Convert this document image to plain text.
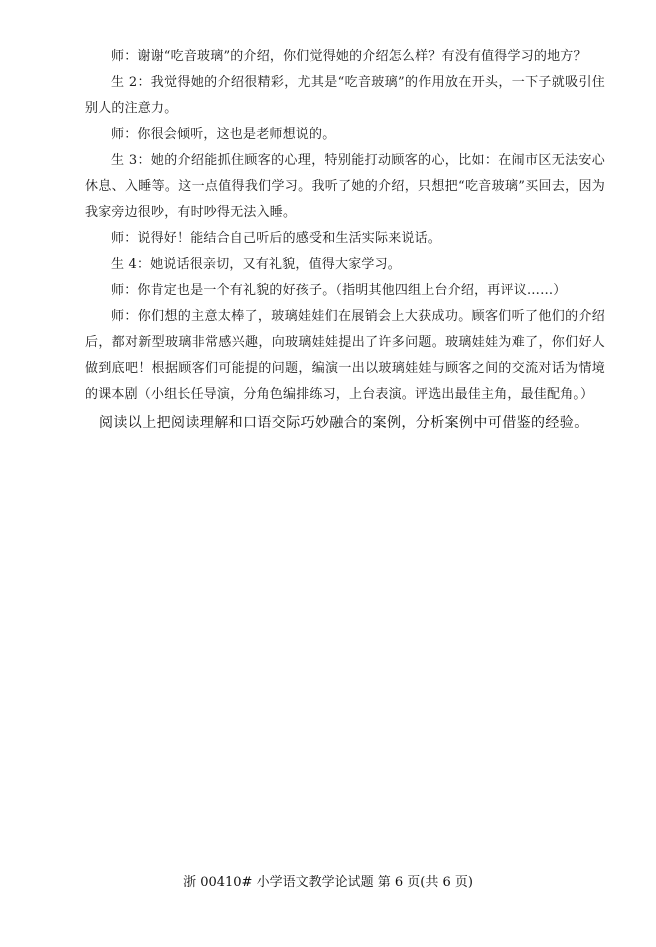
师：谢谢“吃音玻璃”的介绍，你们觉得她的介绍怎么样？有没有值得学习的地方？

生 2：我觉得她的介绍很精彩，尤其是“吃音玻璃”的作用放在开头，一下子就吸引住别人的注意力。

师：你很会倾听，这也是老师想说的。

生 3：她的介绍能抓住顾客的心理，特别能打动顾客的心，比如：在闹市区无法安心休息、入睡等。这一点值得我们学习。我听了她的介绍，只想把“吃音玻璃”买回去，因为我家旁边很吵，有时吵得无法入睡。

师：说得好！能结合自己听后的感受和生活实际来说话。

生 4：她说话很亲切，又有礼貌，值得大家学习。

师：你肯定也是一个有礼貌的好孩子。（指明其他四组上台介绍，再评议……）

师：你们想的主意太棒了，玻璃娃娃们在展销会上大获成功。顾客们听了他们的介绍后，都对新型玻璃非常感兴趣，向玻璃娃娃提出了许多问题。玻璃娃娃为难了，你们好人做到底吧！根据顾客们可能提的问题，编演一出以玻璃娃娃与顾客之间的交流对话为情境的课本剧（小组长任导演，分角色编排练习，上台表演。评选出最佳主角，最佳配角。）

阅读以上把阅读理解和口语交际巧妙融合的案例，分析案例中可借鉴的经验。

浙 00410# 小学语文教学论试题 第 6 页(共 6 页)
